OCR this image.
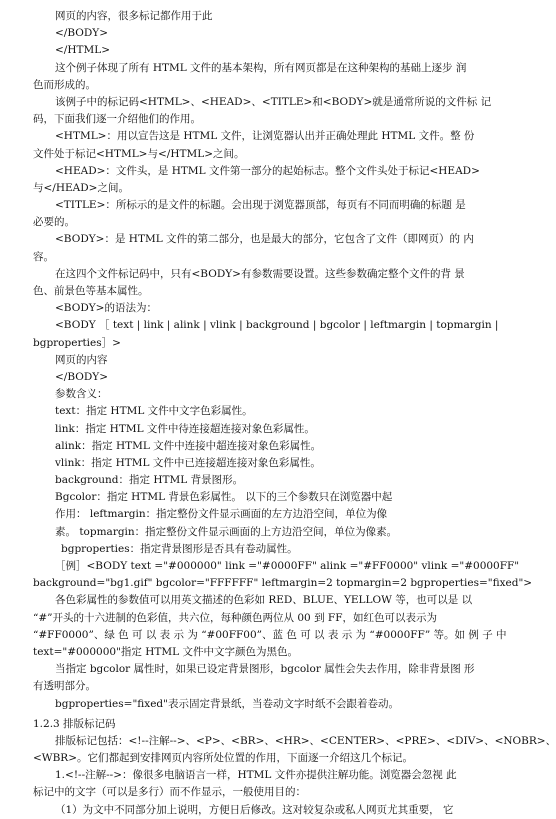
网页的内容，很多标记都作用于此
</BODY>
</HTML>
这个例子体现了所有 HTML 文件的基本架构，所有网页都是在这种架构的基础上逐步 润
色而形成的。
该例子中的标记码<HTML>、<HEAD>、<TITLE>和<BODY>就是通常所说的文件标 记
码，下面我们逐一介绍他们的作用。
<HTML>：用以宣告这是 HTML 文件，让浏览器认出并正确处理此 HTML 文件。整 份
文件处于标记<HTML>与</HTML>之间。
<HEAD>：文件头，是 HTML 文件第一部分的起始标志。整个文件头处于标记<HEAD>
与</HEAD>之间。
<TITLE>：所标示的是文件的标题。会出现于浏览器顶部，每页有不同而明确的标题 是
必要的。
<BODY>：是 HTML 文件的第二部分，也是最大的部分，它包含了文件（即网页）的 内
容。
在这四个文件标记码中，只有<BODY>有参数需要设置。这些参数确定整个文件的背 景
色、前景色等基本属性。
<BODY>的语法为：
<BODY ［ text | link | alink | vlink | background | bgcolor | leftmargin | topmargin |
bgproperties］>
网页的内容
</BODY>
参数含义：
text：指定 HTML 文件中文字色彩属性。
link：指定 HTML 文件中待连接超连接对象色彩属性。
alink：指定 HTML 文件中连接中超连接对象色彩属性。
vlink：指定 HTML 文件中已连接超连接对象色彩属性。
background：指定 HTML 背景图形。
Bgcolor：指定 HTML 背景色彩属性。 以下的三个参数只在浏览器中起
作用： leftmargin：指定整份文件显示画面的左方边沿空间，单位为像
素。 topmargin：指定整份文件显示画面的上方边沿空间，单位为像素。
bgproperties：指定背景图形是否具有卷动属性。
［例］<BODY text ="#000000" link ="#0000FF" alink ="#FF0000" vlink ="#0000FF"
background="bg1.gif" bgcolor="FFFFFF" leftmargin=2 topmargin=2 bgproperties="fixed">
各色彩属性的参数值可以用英文描述的色彩如 RED、BLUE、YELLOW 等，也可以是 以
“#”开头的十六进制的色彩值，共六位，每种颜色两位从 00 到 FF，如红色可以表示为
“#FF0000”、绿 色 可 以 表 示 为 “#00FF00”、蓝 色 可 以 表 示 为 “#0000FF” 等。如 例 子 中
text="#000000"指定 HTML 文件中文字颜色为黑色。
当指定 bgcolor 属性时，如果已设定背景图形，bgcolor 属性会失去作用，除非背景图 形
有透明部分。
bgproperties="fixed"表示固定背景纸，当卷动文字时纸不会跟着卷动。
1.2.3 排版标记码
排版标记包括：<!--注解-->、<P>、<BR>、<HR>、<CENTER>、<PRE>、<DIV>、<NOBR>、
<WBR>。它们都起到安排网页内容所处位置的作用，下面逐一介绍这几个标记。
1.<!--注解-->：像很多电脑语言一样，HTML 文件亦提供注解功能。浏览器会忽视 此
标记中的文字（可以是多行）而不作显示，一般使用目的：
（1）为文中不同部分加上说明，方便日后修改。这对较复杂或私人网页尤其重要， 它
